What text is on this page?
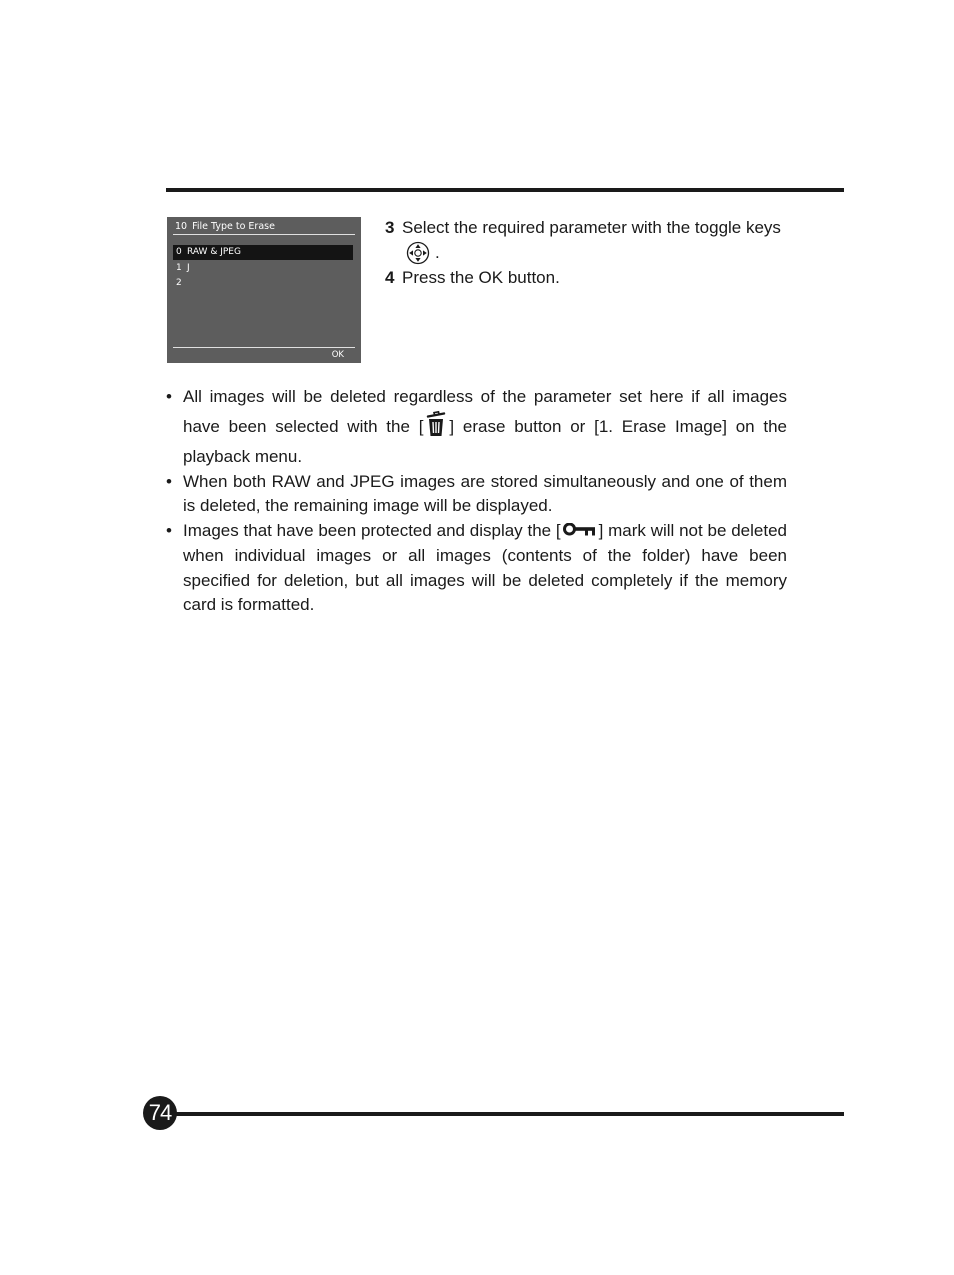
10 File Type to Erase
0 RAW & JPEG
1 J
2
OK
3 Select the required parameter with the toggle keys
.
4 Press the OK button.
• All images will be deleted regardless of the parameter set here if all images have been selected with the [ ] erase button or [1. Erase Image] on the playback menu.
• When both RAW and JPEG images are stored simultaneously and one of them is deleted, the remaining image will be displayed.
• Images that have been protected and display the [ ] mark will not be deleted when individual images or all images (contents of the folder) have been specified for deletion, but all images will be deleted completely if the memory card is formatted.
74
